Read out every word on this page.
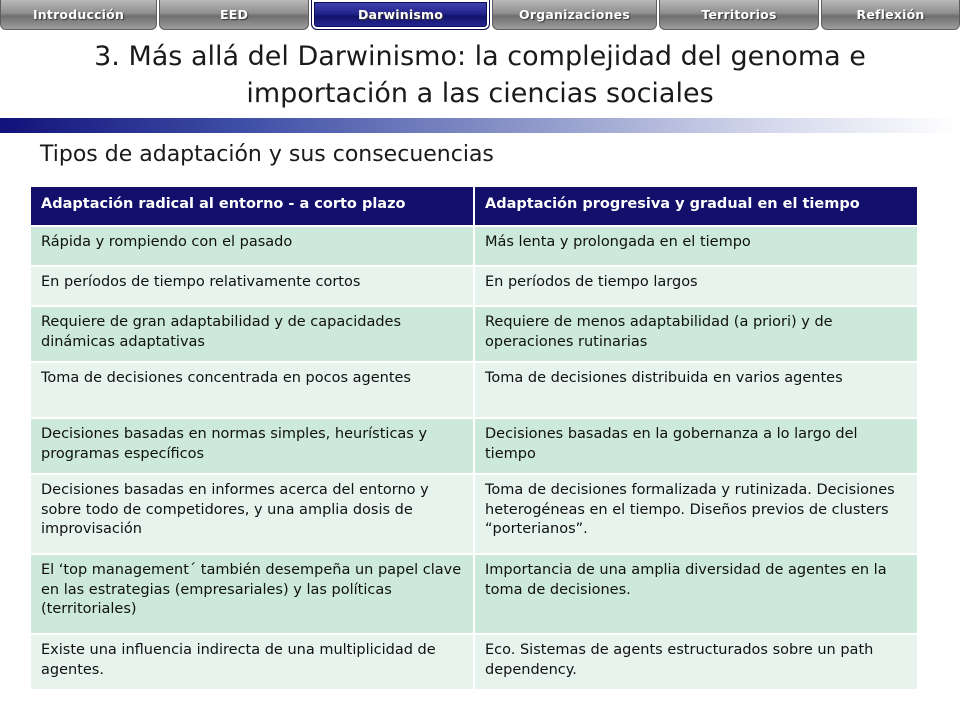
Introducción	EED	Darwinismo	Organizaciones	Territorios	Reflexión
3. Más allá del Darwinismo: la complejidad del genoma e
importación a las ciencias sociales
Tipos de adaptación y sus consecuencias
Adaptación radical al entorno - a corto plazo	Adaptación progresiva y gradual en el tiempo
Rápida y rompiendo con el pasado	Más lenta y prolongada en el tiempo
En períodos de tiempo relativamente cortos	En períodos de tiempo largos
Requiere de gran adaptabilidad y de capacidades dinámicas adaptativas	Requiere de menos adaptabilidad (a priori) y de operaciones rutinarias
Toma de decisiones concentrada en pocos agentes	Toma de decisiones distribuida en varios agentes
Decisiones basadas en normas simples, heurísticas y programas específicos	Decisiones basadas en la gobernanza a lo largo del tiempo
Decisiones basadas en informes acerca del entorno y sobre todo de competidores, y una amplia dosis de improvisación	Toma de decisiones formalizada y rutinizada. Decisiones heterogéneas en el tiempo. Diseños previos de clusters “porterianos”.
El ‘top management´ también desempeña un papel clave en las estrategias (empresariales) y las políticas (territoriales)	Importancia de una amplia diversidad de agentes en la toma de decisiones.
Existe una influencia indirecta de una multiplicidad de agentes.	Eco. Sistemas de agents estructurados sobre un path dependency.
